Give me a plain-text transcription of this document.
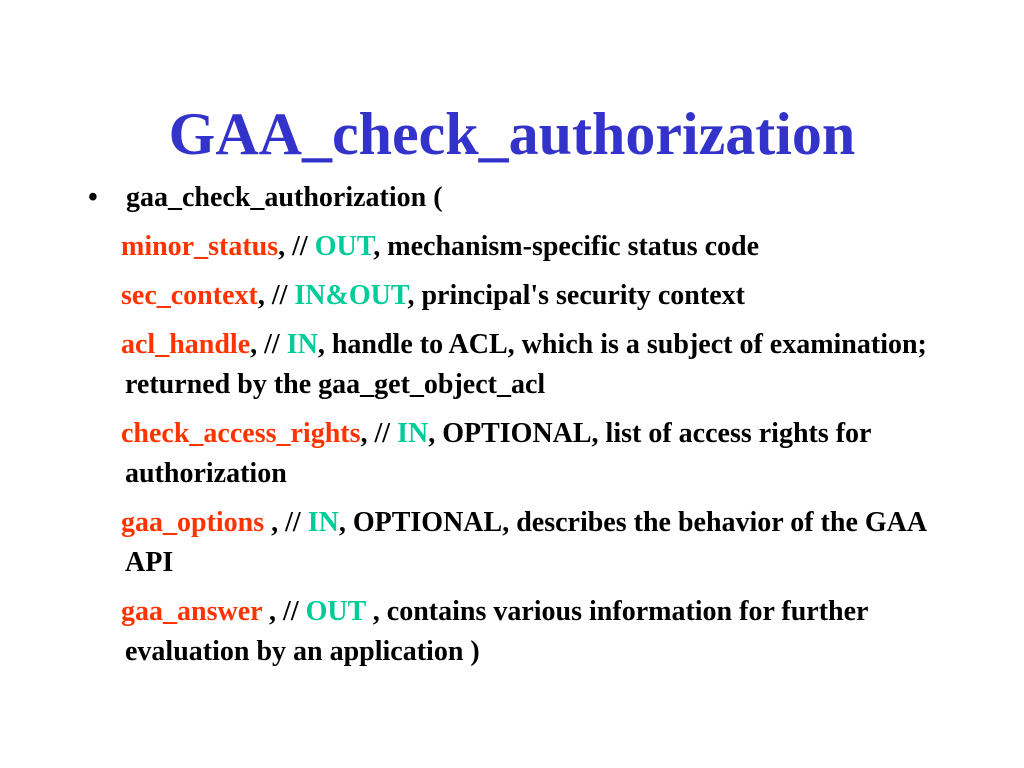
GAA_check_authorization
• gaa_check_authorization (
minor_status, // OUT, mechanism-specific status code
sec_context, // IN&OUT, principal's security context
acl_handle, // IN, handle to ACL, which is a subject of examination; returned by the gaa_get_object_acl
check_access_rights, // IN, OPTIONAL, list of access rights for authorization
gaa_options , // IN, OPTIONAL, describes the behavior of the GAA API
gaa_answer , // OUT , contains various information for further evaluation by an application )
